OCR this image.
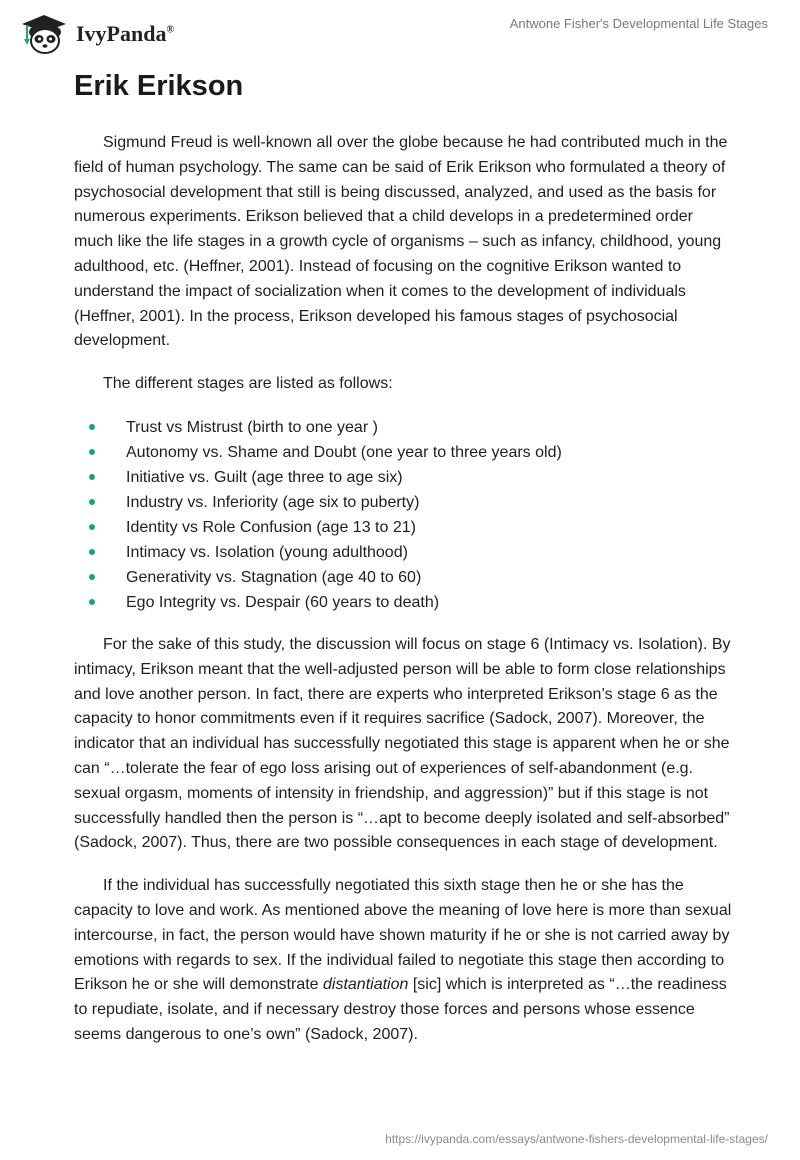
IvyPanda®	Antwone Fisher's Developmental Life Stages
Erik Erikson

Sigmund Freud is well-known all over the globe because he had contributed much in the field of human psychology. The same can be said of Erik Erikson who formulated a theory of psychosocial development that still is being discussed, analyzed, and used as the basis for numerous experiments. Erikson believed that a child develops in a predetermined order much like the life stages in a growth cycle of organisms – such as infancy, childhood, young adulthood, etc. (Heffner, 2001). Instead of focusing on the cognitive Erikson wanted to understand the impact of socialization when it comes to the development of individuals (Heffner, 2001). In the process, Erikson developed his famous stages of psychosocial development.

The different stages are listed as follows:

Trust vs Mistrust (birth to one year )
Autonomy vs. Shame and Doubt (one year to three years old)
Initiative vs. Guilt (age three to age six)
Industry vs. Inferiority (age six to puberty)
Identity vs Role Confusion (age 13 to 21)
Intimacy vs. Isolation (young adulthood)
Generativity vs. Stagnation (age 40 to 60)
Ego Integrity vs. Despair (60 years to death)

For the sake of this study, the discussion will focus on stage 6 (Intimacy vs. Isolation). By intimacy, Erikson meant that the well-adjusted person will be able to form close relationships and love another person. In fact, there are experts who interpreted Erikson’s stage 6 as the capacity to honor commitments even if it requires sacrifice (Sadock, 2007). Moreover, the indicator that an individual has successfully negotiated this stage is apparent when he or she can “…tolerate the fear of ego loss arising out of experiences of self-abandonment (e.g. sexual orgasm, moments of intensity in friendship, and aggression)” but if this stage is not successfully handled then the person is “…apt to become deeply isolated and self-absorbed” (Sadock, 2007). Thus, there are two possible consequences in each stage of development.

If the individual has successfully negotiated this sixth stage then he or she has the capacity to love and work. As mentioned above the meaning of love here is more than sexual intercourse, in fact, the person would have shown maturity if he or she is not carried away by emotions with regards to sex. If the individual failed to negotiate this stage then according to Erikson he or she will demonstrate distantiation [sic] which is interpreted as “…the readiness to repudiate, isolate, and if necessary destroy those forces and persons whose essence seems dangerous to one’s own” (Sadock, 2007).

https://ivypanda.com/essays/antwone-fishers-developmental-life-stages/
